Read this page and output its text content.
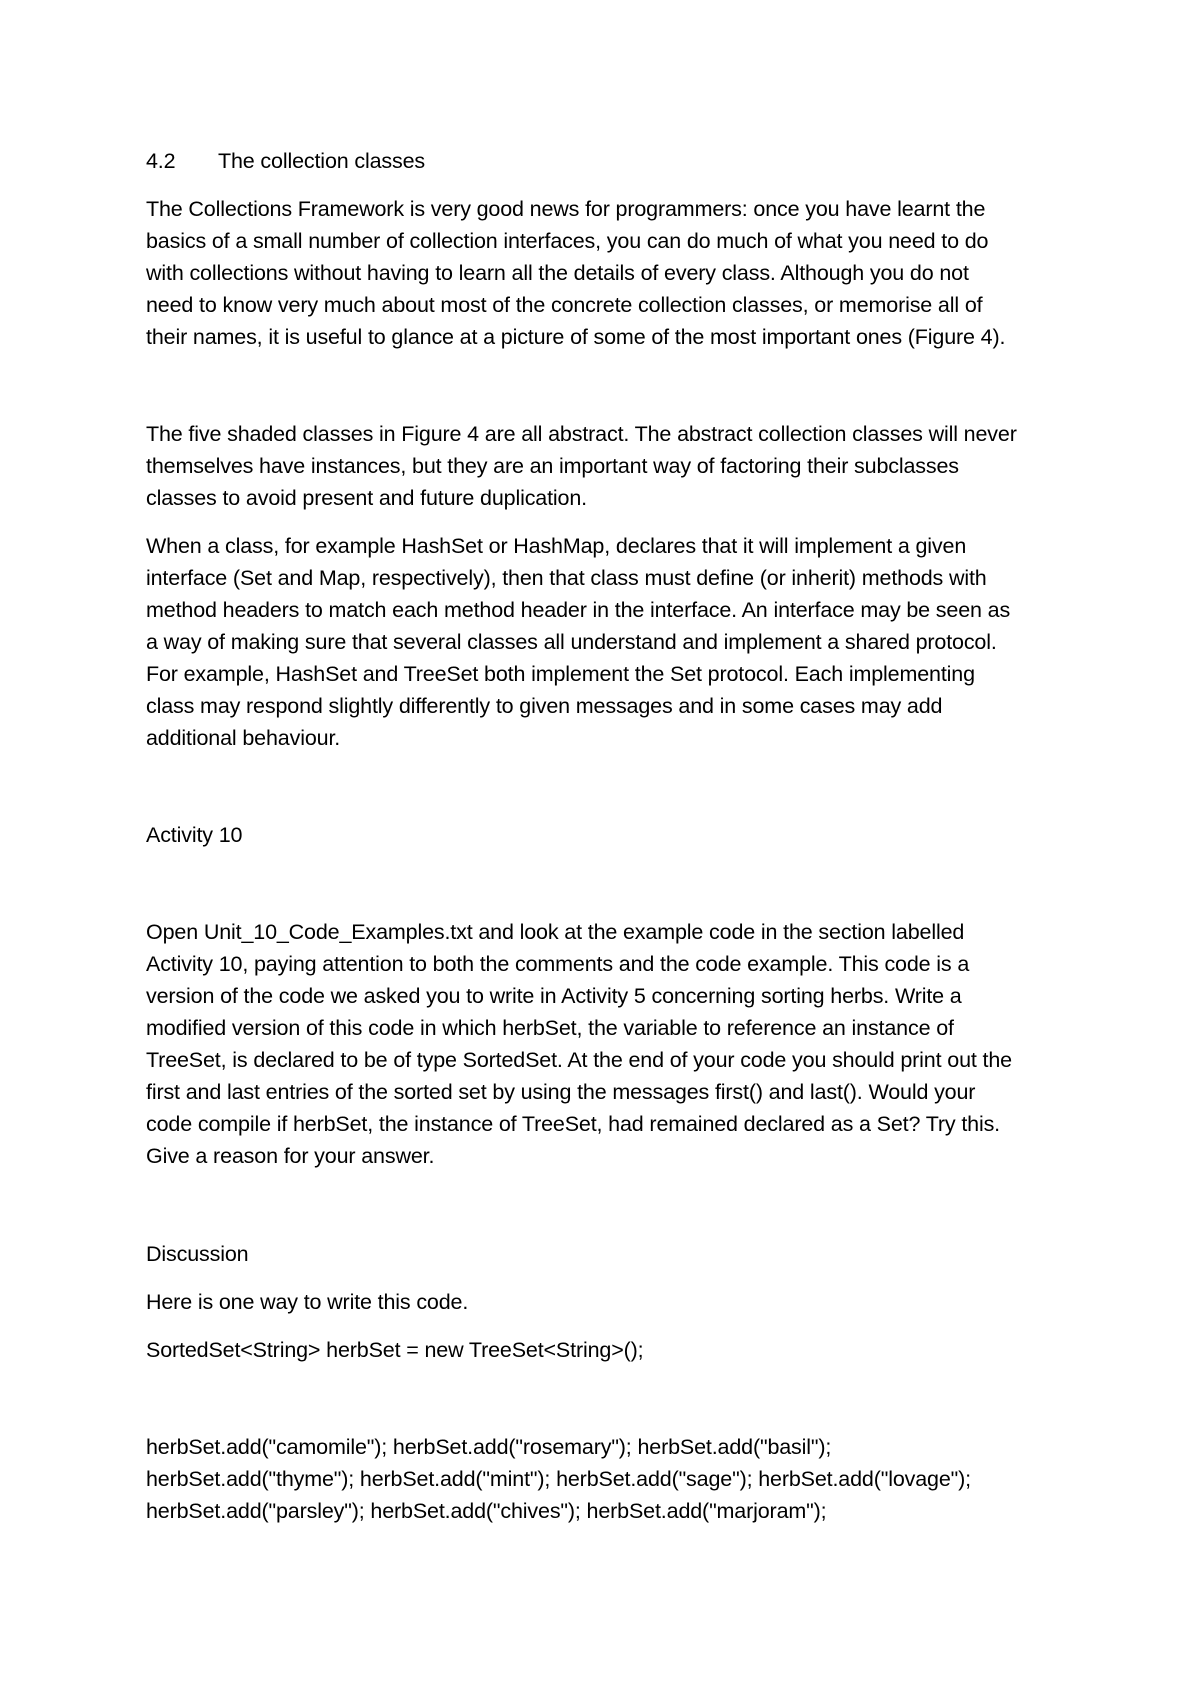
4.2 The collection classes

The Collections Framework is very good news for programmers: once you have learnt the
basics of a small number of collection interfaces, you can do much of what you need to do
with collections without having to learn all the details of every class. Although you do not
need to know very much about most of the concrete collection classes, or memorise all of
their names, it is useful to glance at a picture of some of the most important ones (Figure 4).

The five shaded classes in Figure 4 are all abstract. The abstract collection classes will never
themselves have instances, but they are an important way of factoring their subclasses
classes to avoid present and future duplication.

When a class, for example HashSet or HashMap, declares that it will implement a given
interface (Set and Map, respectively), then that class must define (or inherit) methods with
method headers to match each method header in the interface. An interface may be seen as
a way of making sure that several classes all understand and implement a shared protocol.
For example, HashSet and TreeSet both implement the Set protocol. Each implementing
class may respond slightly differently to given messages and in some cases may add
additional behaviour.

Activity 10

Open Unit_10_Code_Examples.txt and look at the example code in the section labelled
Activity 10, paying attention to both the comments and the code example. This code is a
version of the code we asked you to write in Activity 5 concerning sorting herbs. Write a
modified version of this code in which herbSet, the variable to reference an instance of
TreeSet, is declared to be of type SortedSet. At the end of your code you should print out the
first and last entries of the sorted set by using the messages first() and last(). Would your
code compile if herbSet, the instance of TreeSet, had remained declared as a Set? Try this.
Give a reason for your answer.

Discussion

Here is one way to write this code.

SortedSet<String> herbSet = new TreeSet<String>();

herbSet.add("camomile"); herbSet.add("rosemary"); herbSet.add("basil");
herbSet.add("thyme"); herbSet.add("mint"); herbSet.add("sage"); herbSet.add("lovage");
herbSet.add("parsley"); herbSet.add("chives"); herbSet.add("marjoram");
